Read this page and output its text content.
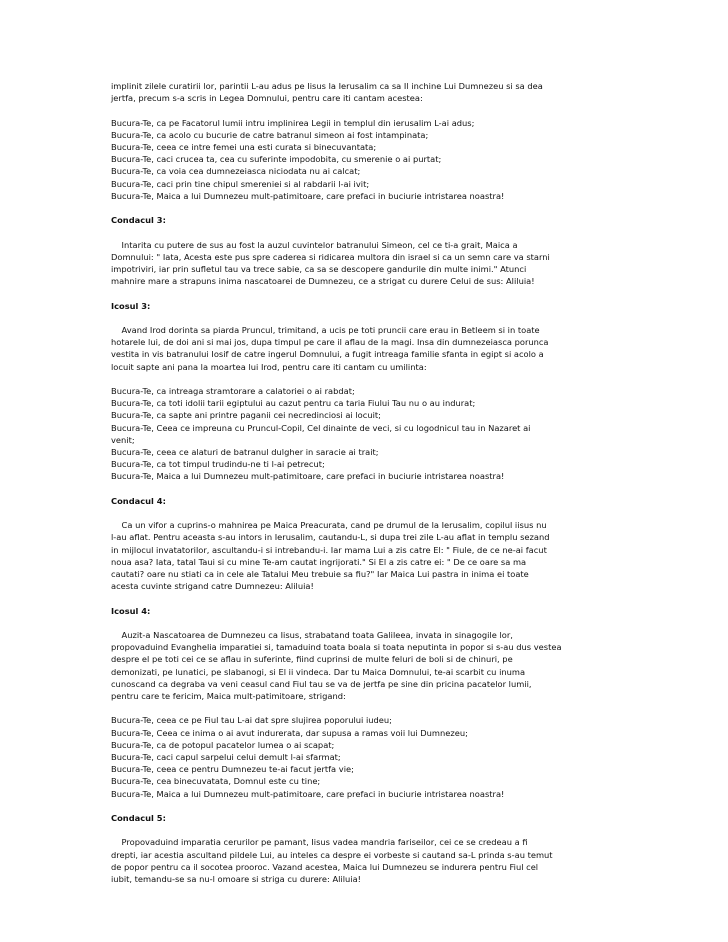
implinit zilele curatirii lor, parintii L-au adus pe Iisus la Ierusalim ca sa Il inchine Lui Dumnezeu si sa dea
jertfa, precum s-a scris in Legea Domnului, pentru care iti cantam acestea:
Bucura-Te, ca pe Facatorul lumii intru implinirea Legii in templul din ierusalim L-ai adus;
Bucura-Te, ca acolo cu bucurie de catre batranul simeon ai fost intampinata;
Bucura-Te, ceea ce intre femei una esti curata si binecuvantata;
Bucura-Te, caci crucea ta, cea cu suferinte impodobita, cu smerenie o ai purtat;
Bucura-Te, ca voia cea dumnezeiasca niciodata nu ai calcat;
Bucura-Te, caci prin tine chipul smereniei si al rabdarii l-ai ivit;
Bucura-Te, Maica a lui Dumnezeu mult-patimitoare, care prefaci in buciurie intristarea noastra!
Condacul 3:
Intarita cu putere de sus au fost la auzul cuvintelor batranului Simeon, cel ce ti-a grait, Maica a
Domnului: " Iata, Acesta este pus spre caderea si ridicarea multora din israel si ca un semn care va starni
impotriviri, iar prin sufletul tau va trece sabie, ca sa se descopere gandurile din multe inimi." Atunci
mahnire mare a strapuns inima nascatoarei de Dumnezeu, ce a strigat cu durere Celui de sus: Aliluia!
Icosul 3:
Avand Irod dorinta sa piarda Pruncul, trimitand, a ucis pe toti pruncii care erau in Betleem si in toate
hotarele lui, de doi ani si mai jos, dupa timpul pe care il aflau de la magi. Insa din dumnezeiasca porunca
vestita in vis batranului Iosif de catre ingerul Domnului, a fugit intreaga familie sfanta in egipt si acolo a
locuit sapte ani pana la moartea lui Irod, pentru care iti cantam cu umilinta:
Bucura-Te, ca intreaga stramtorare a calatoriei o ai rabdat;
Bucura-Te, ca toti idolii tarii egiptului au cazut pentru ca taria Fiului Tau nu o au indurat;
Bucura-Te, ca sapte ani printre paganii cei necredinciosi ai locuit;
Bucura-Te, Ceea ce impreuna cu Pruncul-Copil, Cel dinainte de veci, si cu logodnicul tau in Nazaret ai
venit;
Bucura-Te, ceea ce alaturi de batranul dulgher in saracie ai trait;
Bucura-Te, ca tot timpul trudindu-ne ti l-ai petrecut;
Bucura-Te, Maica a lui Dumnezeu mult-patimitoare, care prefaci in buciurie intristarea noastra!
Condacul 4:
Ca un vifor a cuprins-o mahnirea pe Maica Preacurata, cand pe drumul de la Ierusalim, copilul iisus nu
l-au aflat. Pentru aceasta s-au intors in Ierusalim, cautandu-L, si dupa trei zile L-au aflat in templu sezand
in mijlocul invatatorilor, ascultandu-i si intrebandu-i. Iar mama Lui a zis catre El: " Fiule, de ce ne-ai facut
noua asa? Iata, tatal Taui si cu mine Te-am cautat ingrijorati." Si El a zis catre ei: " De ce oare sa ma
cautati? oare nu stiati ca in cele ale Tatalui Meu trebuie sa fiu?" Iar Maica Lui pastra in inima ei toate
acesta cuvinte strigand catre Dumnezeu: Aliluia!
Icosul 4:
Auzit-a Nascatoarea de Dumnezeu ca Iisus, strabatand toata Galileea, invata in sinagogile lor,
propovaduind Evanghelia imparatiei si, tamaduind toata boala si toata neputinta in popor si s-au dus vestea
despre el pe toti cei ce se aflau in suferinte, fiind cuprinsi de multe feluri de boli si de chinuri, pe
demonizati, pe lunatici, pe slabanogi, si El ii vindeca. Dar tu Maica Domnului, te-ai scarbit cu inuma
cunoscand ca degraba va veni ceasul cand Fiul tau se va de jertfa pe sine din pricina pacatelor lumii,
pentru care te fericim, Maica mult-patimitoare, strigand:
Bucura-Te, ceea ce pe Fiul tau L-ai dat spre slujirea poporului iudeu;
Bucura-Te, Ceea ce inima o ai avut indurerata, dar supusa a ramas voii lui Dumnezeu;
Bucura-Te, ca de potopul pacatelor lumea o ai scapat;
Bucura-Te, caci capul sarpelui celui demult l-ai sfarmat;
Bucura-Te, ceea ce pentru Dumnezeu te-ai facut jertfa vie;
Bucura-Te, cea binecuvatata, Domnul este cu tine;
Bucura-Te, Maica a lui Dumnezeu mult-patimitoare, care prefaci in buciurie intristarea noastra!
Condacul 5:
Propovaduind imparatia cerurilor pe pamant, Iisus vadea mandria fariseilor, cei ce se credeau a fi
drepti, iar acestia ascultand pildele Lui, au inteles ca despre ei vorbeste si cautand sa-L prinda s-au temut
de popor pentru ca il socotea prooroc. Vazand acestea, Maica lui Dumnezeu se indurera pentru Fiul cel
iubit, temandu-se sa nu-l omoare si striga cu durere: Aliluia!
